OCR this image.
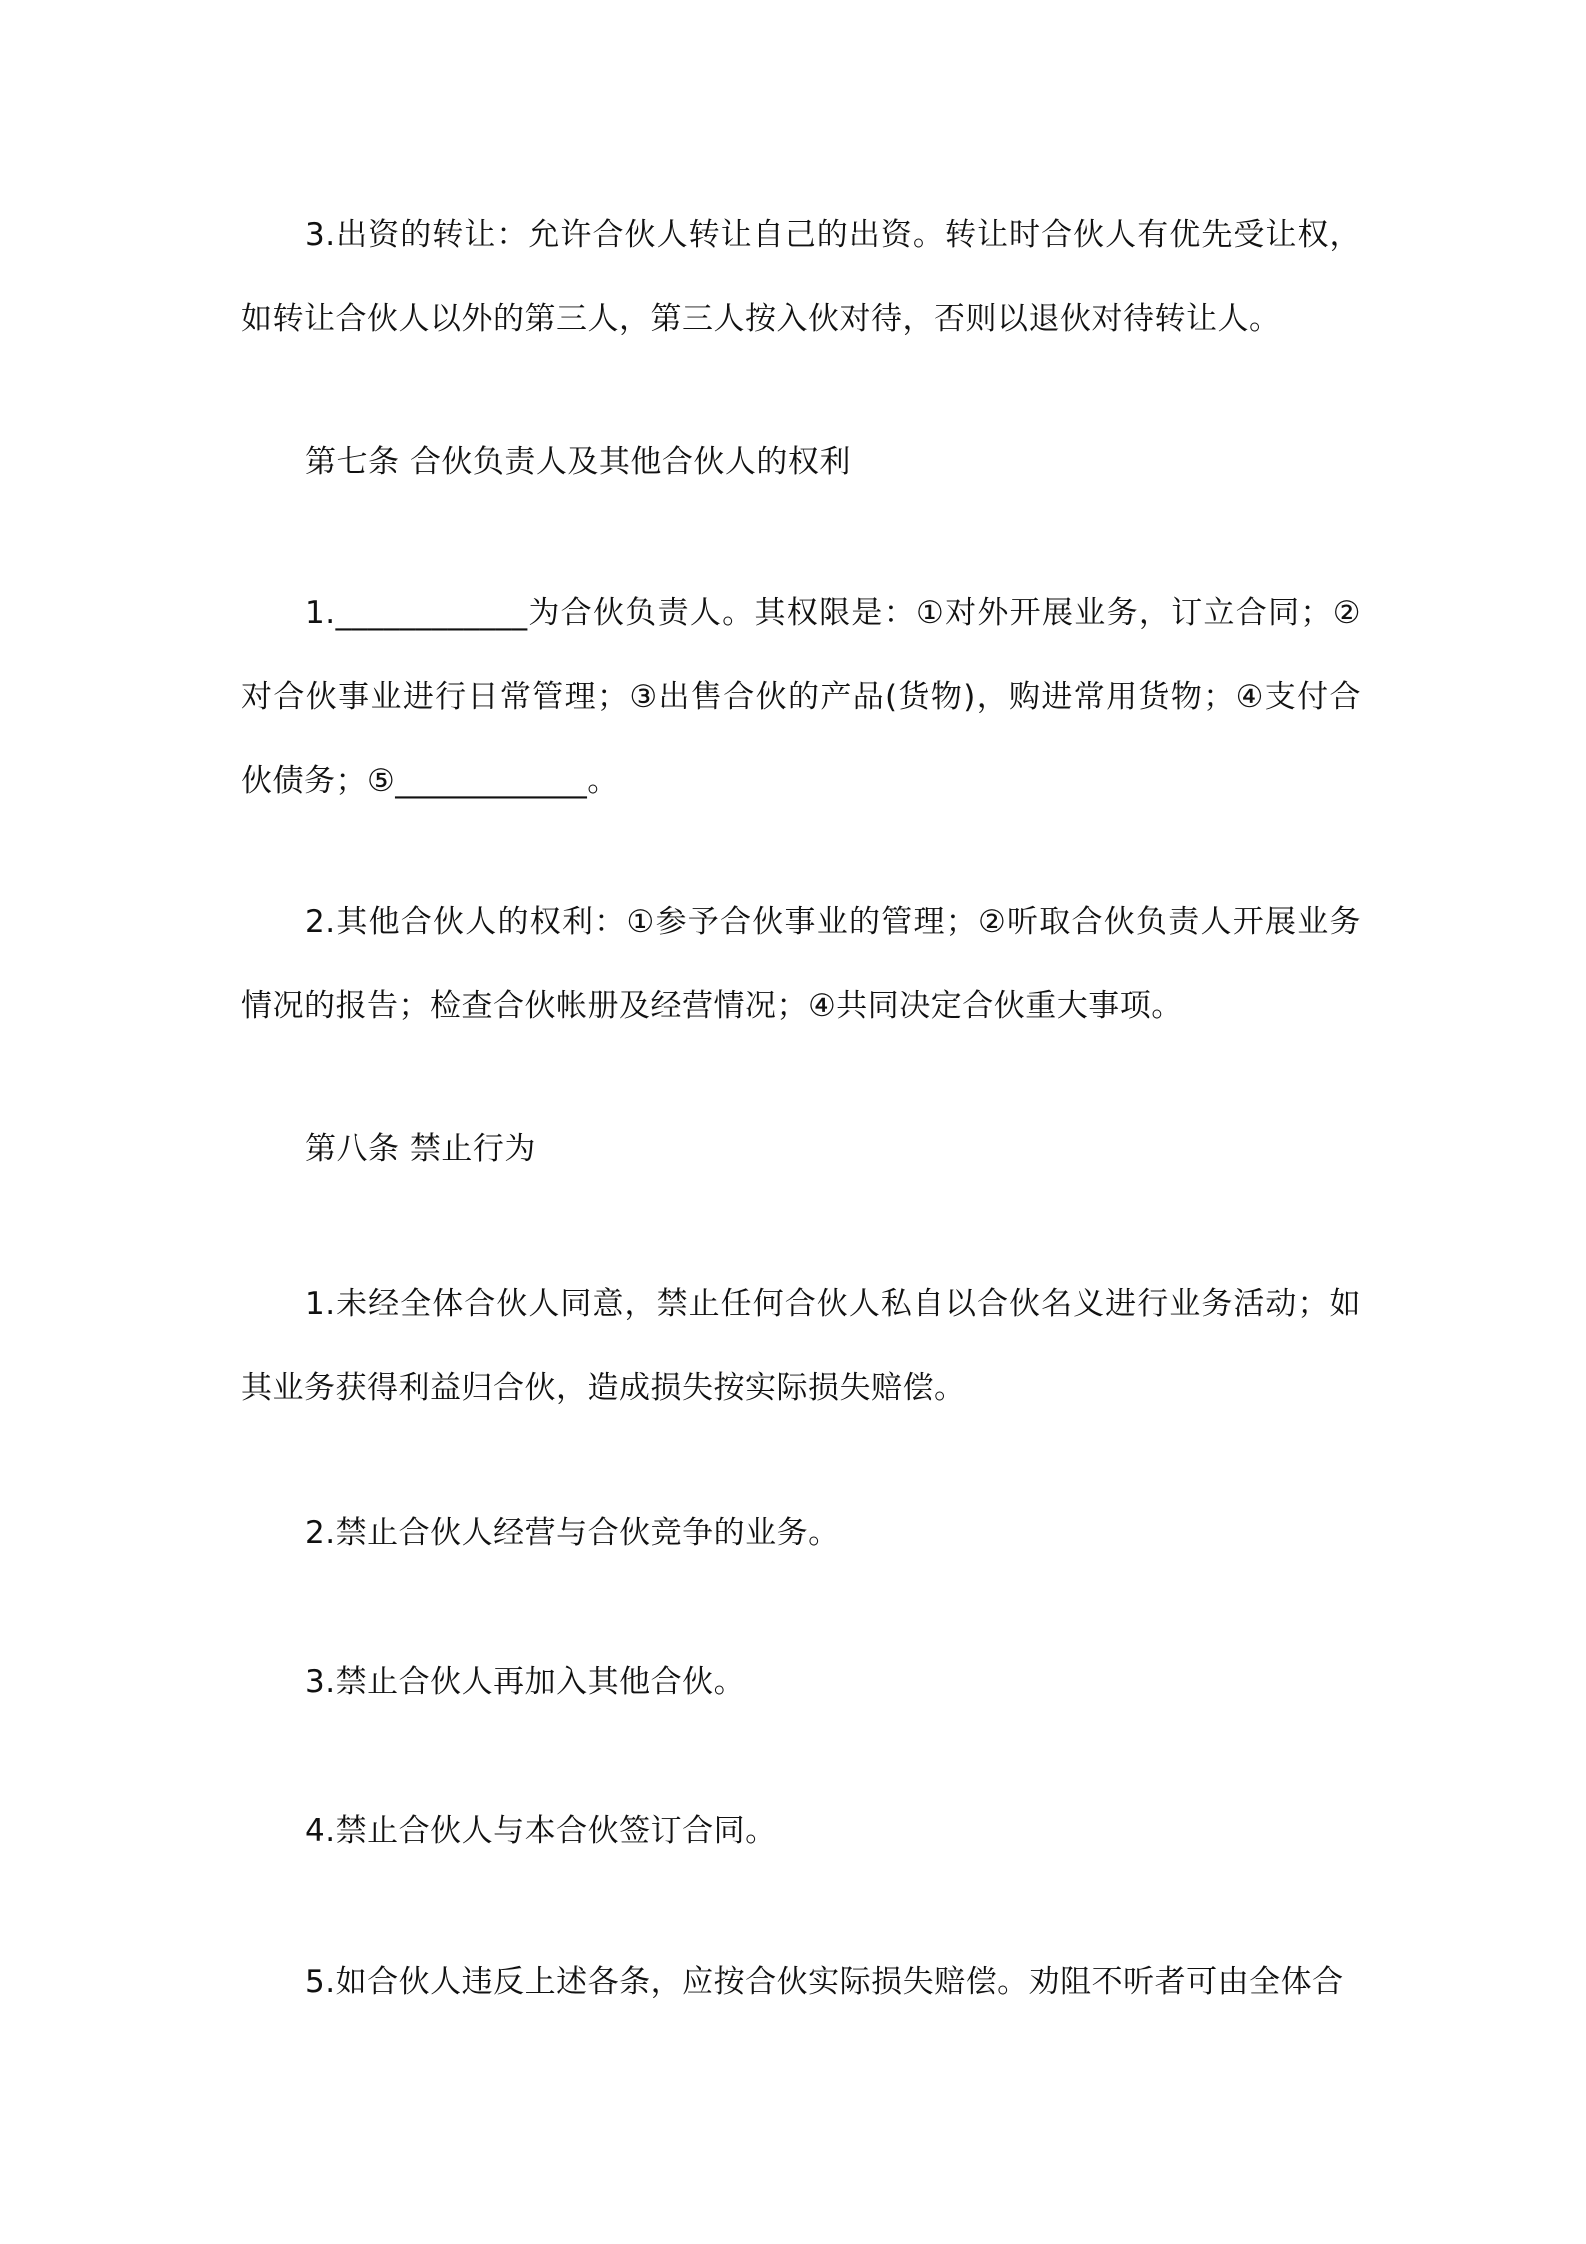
3.出资的转让：允许合伙人转让自己的出资。转让时合伙人有优先受让权，如转让合伙人以外的第三人，第三人按入伙对待，否则以退伙对待转让人。

第七条 合伙负责人及其他合伙人的权利

1.____________为合伙负责人。其权限是：①对外开展业务，订立合同；②对合伙事业进行日常管理；③出售合伙的产品(货物)，购进常用货物；④支付合伙债务；⑤____________。

2.其他合伙人的权利：①参予合伙事业的管理；②听取合伙负责人开展业务情况的报告；检查合伙帐册及经营情况；④共同决定合伙重大事项。

第八条 禁止行为

1.未经全体合伙人同意，禁止任何合伙人私自以合伙名义进行业务活动；如其业务获得利益归合伙，造成损失按实际损失赔偿。

2.禁止合伙人经营与合伙竞争的业务。

3.禁止合伙人再加入其他合伙。

4.禁止合伙人与本合伙签订合同。

5.如合伙人违反上述各条，应按合伙实际损失赔偿。劝阻不听者可由全体合
